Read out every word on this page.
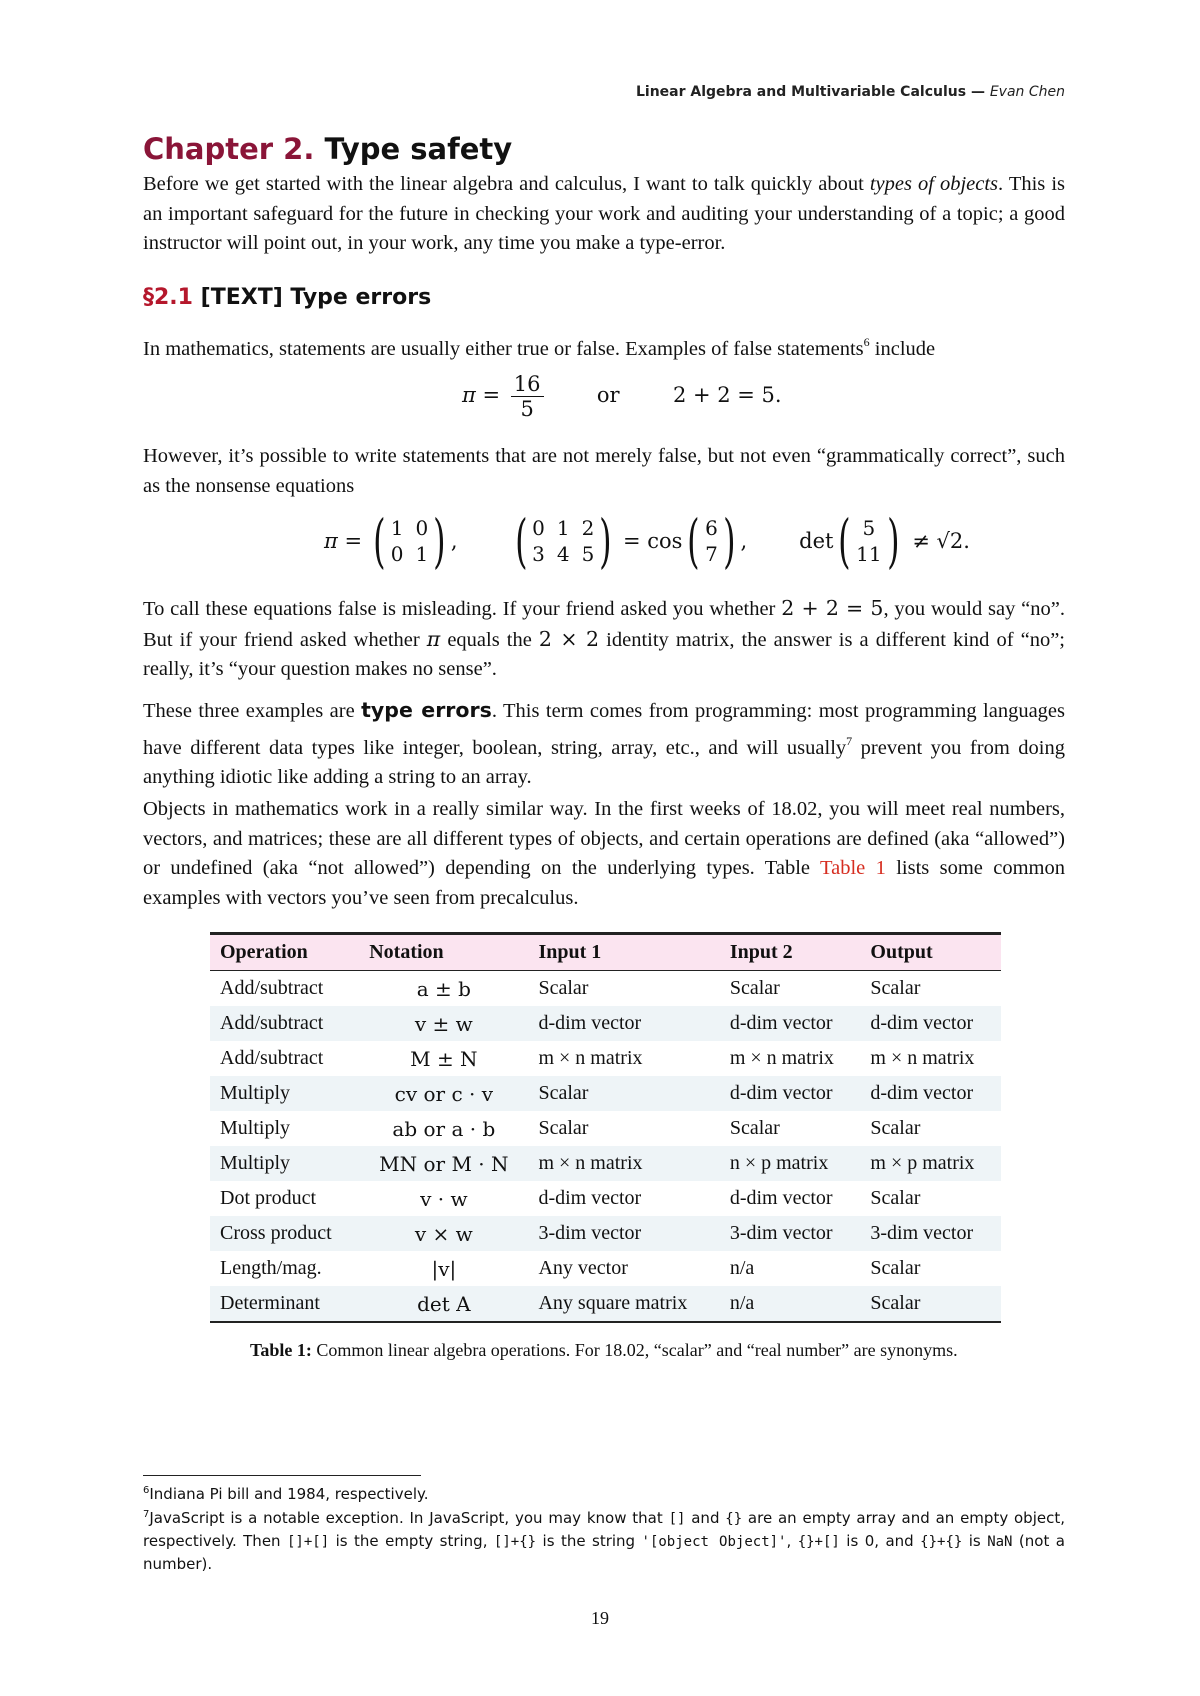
Linear Algebra and Multivariable Calculus — Evan Chen
Chapter 2. Type safety

Before we get started with the linear algebra and calculus, I want to talk quickly about types of objects. This is an important safeguard for the future in checking your work and auditing your understanding of a topic; a good instructor will point out, in your work, any time you make a type-error.

§2.1 [TEXT] Type errors

In mathematics, statements are usually either true or false. Examples of false statements$^6$ include

$\pi = \frac{16}{5}$	or	2 + 2 = 5.

However, it’s possible to write statements that are not merely false, but not even “grammatically correct”, such as the nonsense equations

π = ( 1 0
0 1 ) , ( 0 1 2
3 4 5 ) = cos ( 6
7 ) , det ( 5
11 ) ≠ √2.

To call these equations false is misleading. If your friend asked you whether 2 + 2 = 5, you would say “no”. But if your friend asked whether π equals the 2 × 2 identity matrix, the answer is a different kind of “no”; really, it’s “your question makes no sense”.

These three examples are type errors. This term comes from programming: most programming languages have different data types like integer, boolean, string, array, etc., and will usually$^7$ prevent you from doing anything idiotic like adding a string to an array.

Objects in mathematics work in a really similar way. In the first weeks of 18.02, you will meet real numbers, vectors, and matrices; these are all different types of objects, and certain operations are defined (aka “allowed”) or undefined (aka “not allowed”) depending on the underlying types. Table Table 1 lists some common examples with vectors you’ve seen from precalculus.

Operation	Notation	Input 1	Input 2	Output
Add/subtract	a ± b	Scalar	Scalar	Scalar
Add/subtract	v ± w	d-dim vector	d-dim vector	d-dim vector
Add/subtract	M ± N	m × n matrix	m × n matrix	m × n matrix
Multiply	cv or c · v	Scalar	d-dim vector	d-dim vector
Multiply	ab or a · b	Scalar	Scalar	Scalar
Multiply	MN or M · N	m × n matrix	n × p matrix	m × p matrix
Dot product	v · w	d-dim vector	d-dim vector	Scalar
Cross product	v × w	3-dim vector	3-dim vector	3-dim vector
Length/mag.	|v|	Any vector	n/a	Scalar
Determinant	det A	Any square matrix	n/a	Scalar
Table 1: Common linear algebra operations. For 18.02, “scalar” and “real number” are synonyms.

$^6$Indiana Pi bill and 1984, respectively.

$^7$JavaScript is a notable exception. In JavaScript, you may know that [] and {} are an empty array and an empty object, respectively. Then []+[] is the empty string, []+{} is the string '[object Object]', {}+[] is 0, and {}+{} is NaN (not a number).

19
